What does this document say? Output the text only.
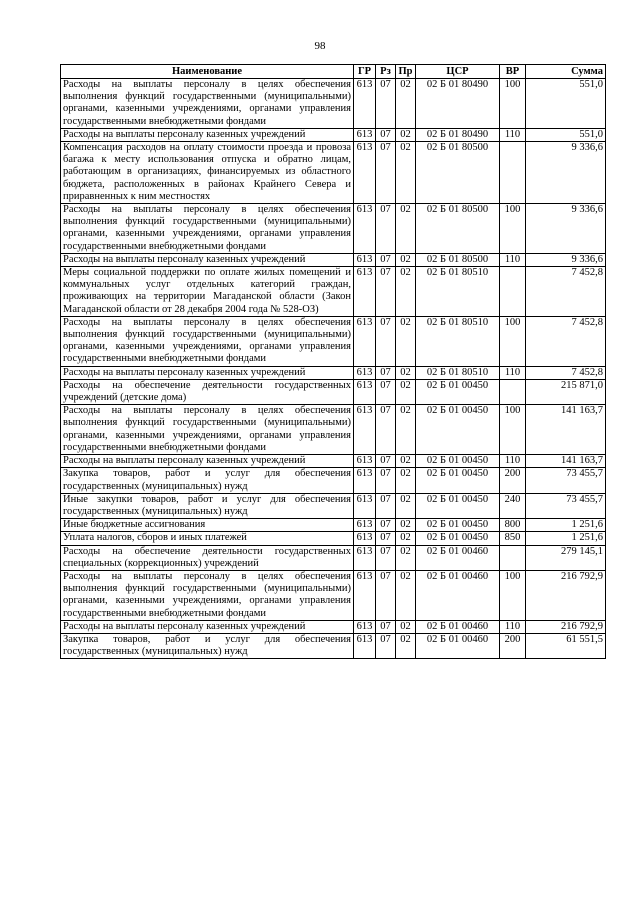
98
Наименование	ГР	Рз	Пр	ЦСР	ВР	Сумма
Расходы на выплаты персоналу в целях обеспечения выполнения функций государственными (муниципальными) органами, казенными учреждениями, органами управления государственными внебюджетными фондами	613	07	02	02 Б 01 80490	100	551,0
Расходы на выплаты персоналу казенных учреждений	613	07	02	02 Б 01 80490	110	551,0
Компенсация расходов на оплату стоимости проезда и провоза багажа к месту использования отпуска и обратно лицам, работающим в организациях, финансируемых из областного бюджета, расположенных в районах Крайнего Севера и приравненных к ним местностях	613	07	02	02 Б 01 80500		9 336,6
Расходы на выплаты персоналу в целях обеспечения выполнения функций государственными (муниципальными) органами, казенными учреждениями, органами управления государственными внебюджетными фондами	613	07	02	02 Б 01 80500	100	9 336,6
Расходы на выплаты персоналу казенных учреждений	613	07	02	02 Б 01 80500	110	9 336,6
Меры социальной поддержки по оплате жилых помещений и коммунальных услуг отдельных категорий граждан, проживающих на территории Магаданской области (Закон Магаданской области от 28 декабря 2004 года № 528-ОЗ)	613	07	02	02 Б 01 80510		7 452,8
Расходы на выплаты персоналу в целях обеспечения выполнения функций государственными (муниципальными) органами, казенными учреждениями, органами управления государственными внебюджетными фондами	613	07	02	02 Б 01 80510	100	7 452,8
Расходы на выплаты персоналу казенных учреждений	613	07	02	02 Б 01 80510	110	7 452,8
Расходы на обеспечение деятельности государственных учреждений (детские дома)	613	07	02	02 Б 01 00450		215 871,0
Расходы на выплаты персоналу в целях обеспечения выполнения функций государственными (муниципальными) органами, казенными учреждениями, органами управления государственными внебюджетными фондами	613	07	02	02 Б 01 00450	100	141 163,7
Расходы на выплаты персоналу казенных учреждений	613	07	02	02 Б 01 00450	110	141 163,7
Закупка товаров, работ и услуг для обеспечения государственных (муниципальных) нужд	613	07	02	02 Б 01 00450	200	73 455,7
Иные закупки товаров, работ и услуг для обеспечения государственных (муниципальных) нужд	613	07	02	02 Б 01 00450	240	73 455,7
Иные бюджетные ассигнования	613	07	02	02 Б 01 00450	800	1 251,6
Уплата налогов, сборов и иных платежей	613	07	02	02 Б 01 00450	850	1 251,6
Расходы на обеспечение деятельности государственных специальных (коррекционных) учреждений	613	07	02	02 Б 01 00460		279 145,1
Расходы на выплаты персоналу в целях обеспечения выполнения функций государственными (муниципальными) органами, казенными учреждениями, органами управления государственными внебюджетными фондами	613	07	02	02 Б 01 00460	100	216 792,9
Расходы на выплаты персоналу казенных учреждений	613	07	02	02 Б 01 00460	110	216 792,9
Закупка товаров, работ и услуг для обеспечения государственных (муниципальных) нужд	613	07	02	02 Б 01 00460	200	61 551,5
